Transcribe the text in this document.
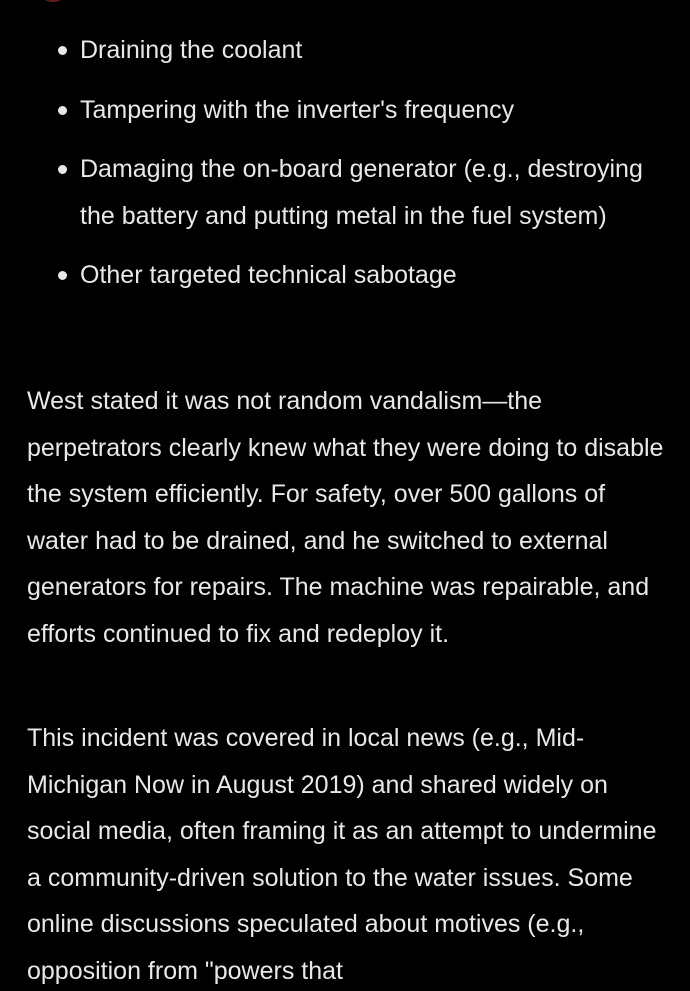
Draining the coolant
Tampering with the inverter's frequency
Damaging the on-board generator (e.g., destroying the battery and putting metal in the fuel system)
Other targeted technical sabotage

West stated it was not random vandalism—the perpetrators clearly knew what they were doing to disable the system efficiently. For safety, over 500 gallons of water had to be drained, and he switched to external generators for repairs. The machine was repairable, and efforts continued to fix and redeploy it.

This incident was covered in local news (e.g., Mid-Michigan Now in August 2019) and shared widely on social media, often framing it as an attempt to undermine a community-driven solution to the water issues. Some online discussions speculated about motives (e.g., opposition from "powers that
